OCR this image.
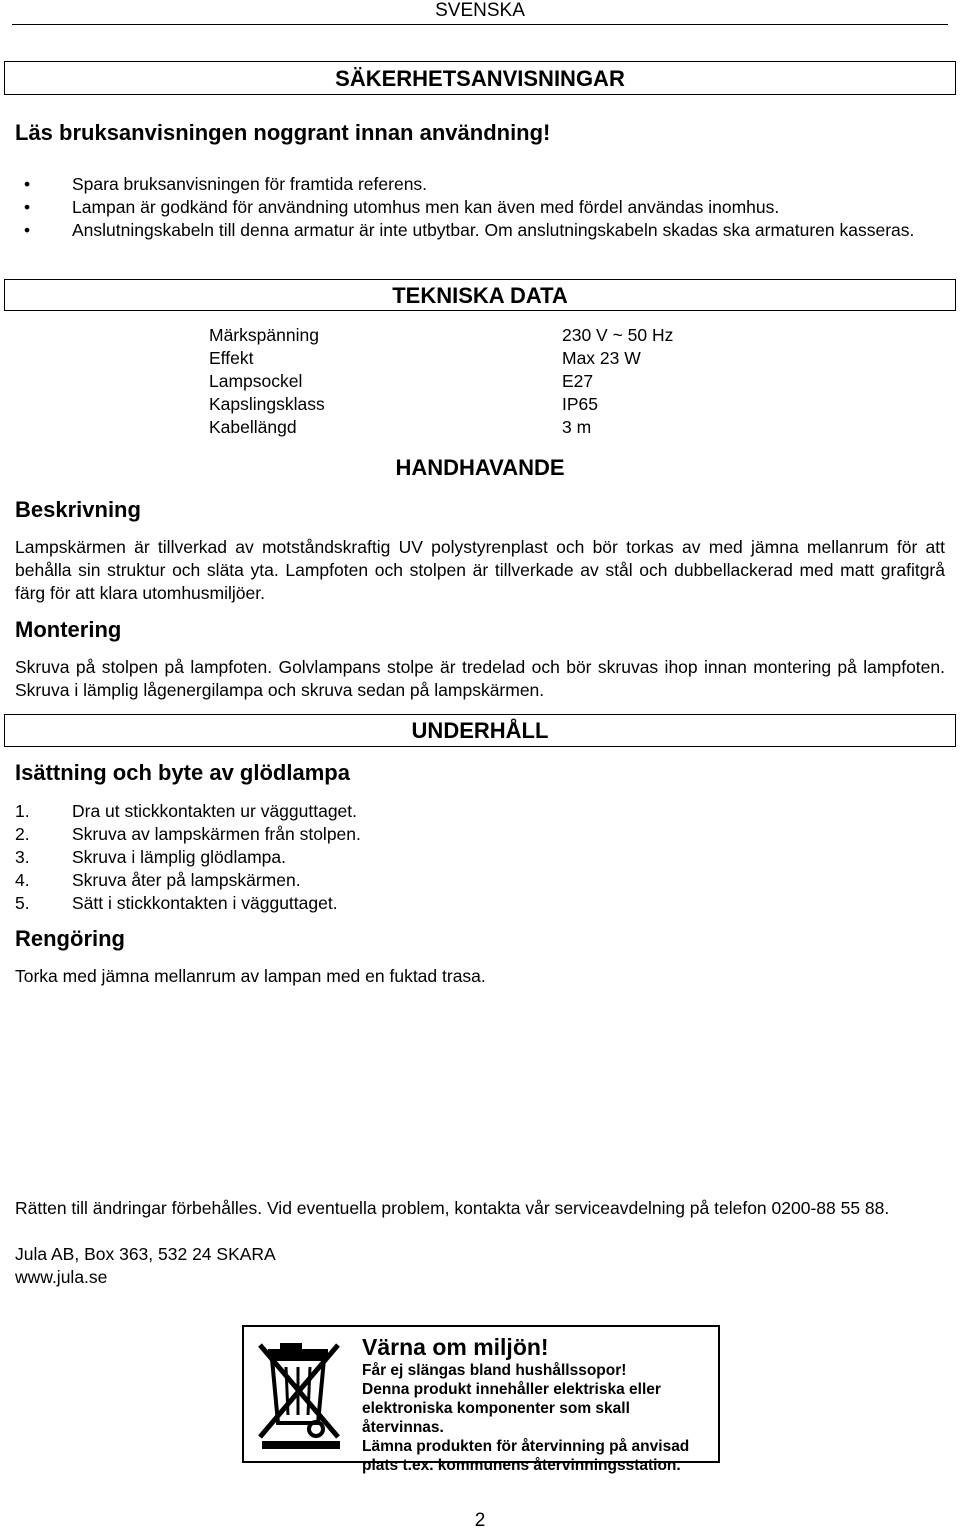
SVENSKA
SÄKERHETSANVISNINGAR
Läs bruksanvisningen noggrant innan användning!
• Spara bruksanvisningen för framtida referens.
• Lampan är godkänd för användning utomhus men kan även med fördel användas inomhus.
• Anslutningskabeln till denna armatur är inte utbytbar. Om anslutningskabeln skadas ska armaturen kasseras.
TEKNISKA DATA
Märkspänning
Effekt
Lampsockel
Kapslingsklass
Kabellängd
230 V ~ 50 Hz
Max 23 W
E27
IP65
3 m
HANDHAVANDE
Beskrivning
Lampskärmen är tillverkad av motståndskraftig UV polystyrenplast och bör torkas av med jämna mellanrum för att behålla sin struktur och släta yta. Lampfoten och stolpen är tillverkade av stål och dubbellackerad med matt grafitgrå färg för att klara utomhusmiljöer.
Montering
Skruva på stolpen på lampfoten. Golvlampans stolpe är tredelad och bör skruvas ihop innan montering på lampfoten. Skruva i lämplig lågenergilampa och skruva sedan på lampskärmen.
UNDERHÅLL
Isättning och byte av glödlampa
1. Dra ut stickkontakten ur vägguttaget.
2. Skruva av lampskärmen från stolpen.
3. Skruva i lämplig glödlampa.
4. Skruva åter på lampskärmen.
5. Sätt i stickkontakten i vägguttaget.
Rengöring
Torka med jämna mellanrum av lampan med en fuktad trasa.
Rätten till ändringar förbehålles. Vid eventuella problem, kontakta vår serviceavdelning på telefon 0200-88 55 88.
Jula AB, Box 363, 532 24 SKARA
www.jula.se
Värna om miljön!
Får ej slängas bland hushållssopor!
Denna produkt innehåller elektriska eller
elektroniska komponenter som skall återvinnas.
Lämna produkten för återvinning på anvisad
plats t.ex. kommunens återvinningsstation.
2
